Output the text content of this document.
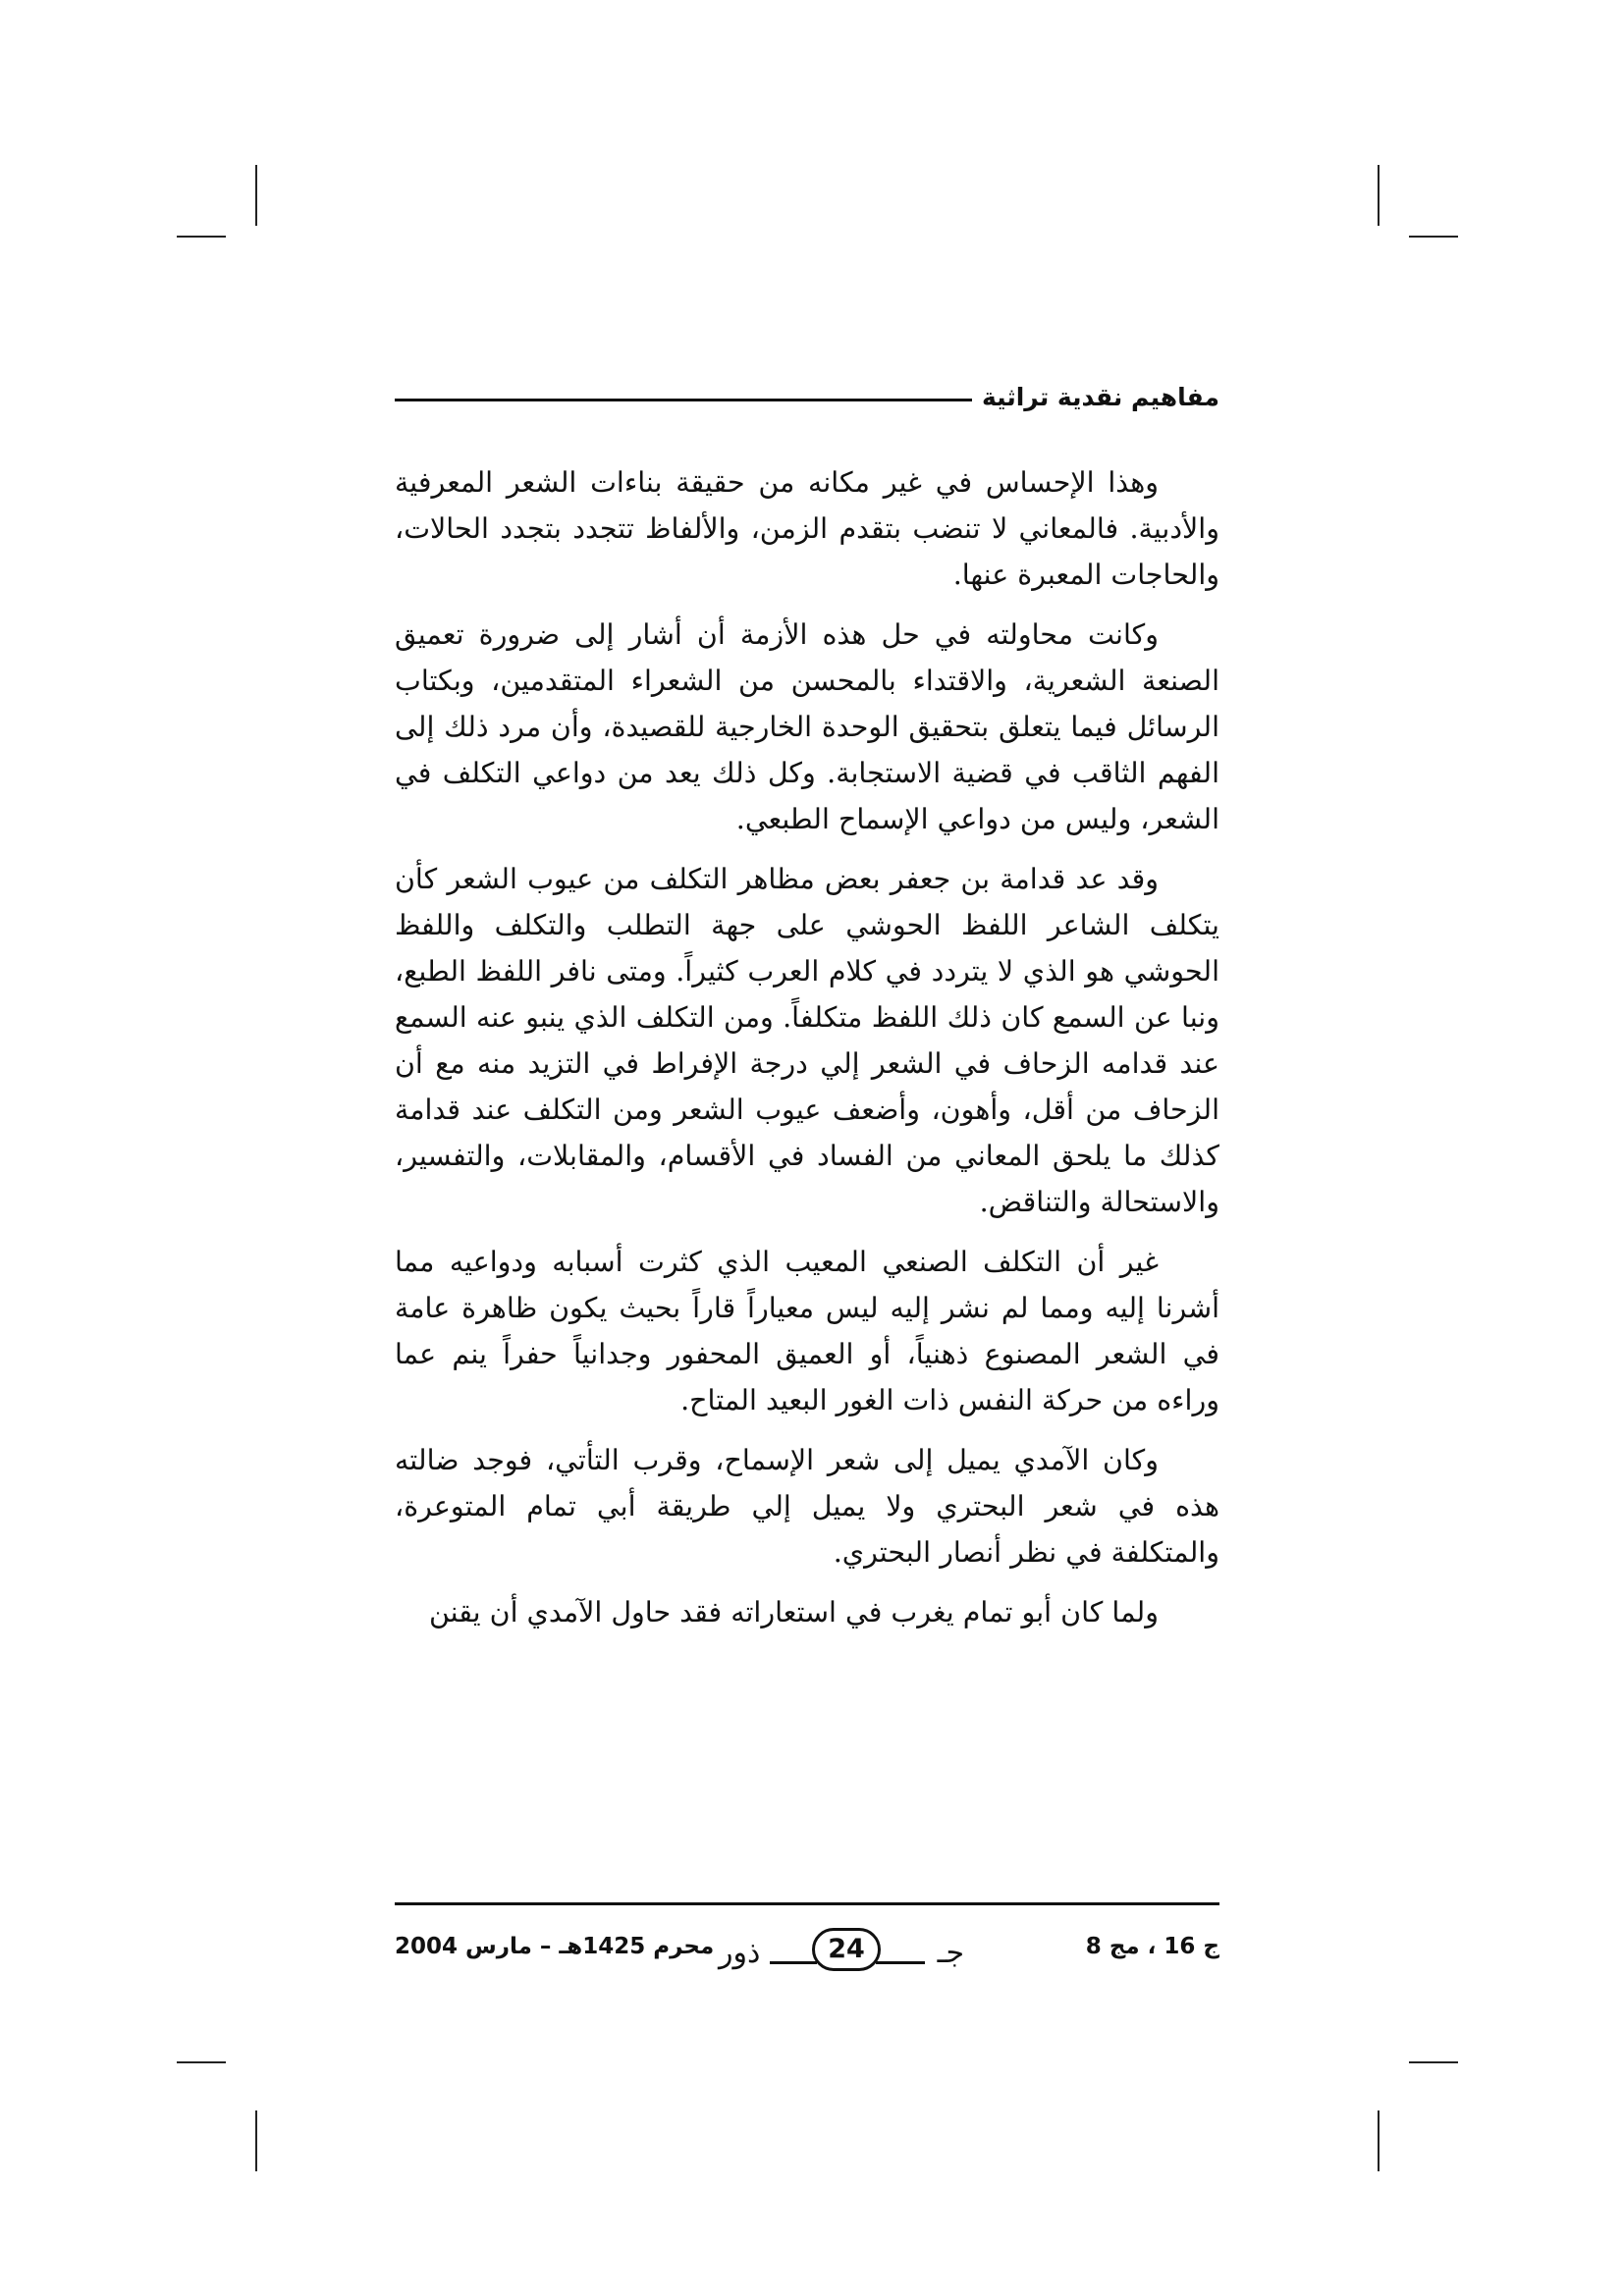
مفاهيم نقدية تراثية

وهذا الإحساس في غير مكانه من حقيقة بناءات الشعر المعرفية والأدبية. فالمعاني لا تنضب بتقدم الزمن، والألفاظ تتجدد بتجدد الحالات، والحاجات المعبرة عنها.

وكانت محاولته في حل هذه الأزمة أن أشار إلى ضرورة تعميق الصنعة الشعرية، والاقتداء بالمحسن من الشعراء المتقدمين، وبكتاب الرسائل فيما يتعلق بتحقيق الوحدة الخارجية للقصيدة، وأن مرد ذلك إلى الفهم الثاقب في قضية الاستجابة. وكل ذلك يعد من دواعي التكلف في الشعر، وليس من دواعي الإسماح الطبعي.

وقد عد قدامة بن جعفر بعض مظاهر التكلف من عيوب الشعر كأن يتكلف الشاعر اللفظ الحوشي على جهة التطلب والتكلف واللفظ الحوشي هو الذي لا يتردد في كلام العرب كثيراً. ومتى نافر اللفظ الطبع، ونبا عن السمع كان ذلك اللفظ متكلفاً. ومن التكلف الذي ينبو عنه السمع عند قدامه الزحاف في الشعر إلي درجة الإفراط في التزيد منه مع أن الزحاف من أقل، وأهون، وأضعف عيوب الشعر ومن التكلف عند قدامة كذلك ما يلحق المعاني من الفساد في الأقسام، والمقابلات، والتفسير، والاستحالة والتناقض.

غير أن التكلف الصنعي المعيب الذي كثرت أسبابه ودواعيه مما أشرنا إليه ومما لم نشر إليه ليس معياراً قاراً بحيث يكون ظاهرة عامة في الشعر المصنوع ذهنياً، أو العميق المحفور وجدانياً حفراً ينم عما وراءه من حركة النفس ذات الغور البعيد المتاح.

وكان الآمدي يميل إلى شعر الإسماح، وقرب التأتي، فوجد ضالته هذه في شعر البحتري ولا يميل إلي طريقة أبي تمام المتوعرة، والمتكلفة في نظر أنصار البحتري.

ولما كان أبو تمام يغرب في استعاراته فقد حاول الآمدي أن يقنن

ج 16 ، مج 8
ذور	24	جـ
محرم 1425هـ – مارس 2004
